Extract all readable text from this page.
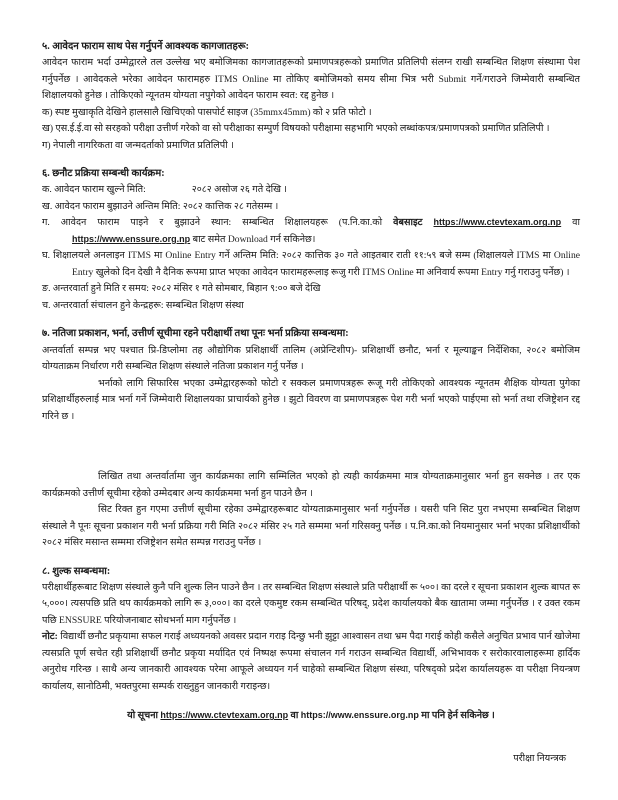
५. आवेदन फाराम साथ पेस गर्नुपर्ने आवश्यक कागजातहरू:

आवेदन फाराम भर्दा उम्मेद्वारले तल उल्लेख भए बमोजिमका कागजातहरूको प्रमाणपत्रहरूको प्रमाणित प्रतिलिपी संलग्न राखी सम्बन्धित शिक्षण संस्थामा पेश गर्नुपर्नेछ । आवेदकले भरेका आवेदन फारामहरु ITMS Online मा तोकिए बमोजिमको समय सीमा भित्र भरी Submit गर्ने/गराउने जिम्मेवारी सम्बन्धित शिक्षालयको हुनेछ । तोकिएको न्यूनतम योग्यता नपुगेको आवेदन फाराम स्वत: रद्द हुनेछ ।

क) स्पष्ट मुखाकृति देखिने हालसालै खिचिएको पासपोर्ट साइज (35mmx45mm) को २ प्रति फोटो ।

ख) एस.ई.ई.वा सो सरहको परीक्षा उत्तीर्ण गरेको वा सो परीक्षाका सम्पुर्ण विषयको परीक्षामा सहभागि भएको लब्धांकपत्र/प्रमाणपत्रको प्रमाणित प्रतिलिपी ।

ग) नेपाली नागरिकता वा जन्मदर्ताको प्रमाणित प्रतिलिपी ।

६. छनौट प्रक्रिया सम्बन्धी कार्यक्रम:

क. आवेदन फाराम खुल्ने मिति:	२०८२ असोज २६ गते देखि ।

ख. आवेदन फाराम बुझाउने अन्तिम मिति: २०८२ कात्तिक २८ गतेसम्म ।

ग. आवेदन फाराम पाइने र बुझाउने स्थान: सम्बन्धित शिक्षालयहरू (प.नि.का.को वेबसाइट https://www.ctevtexam.org.np वा https://www.enssure.org.np बाट समेत Download गर्न सकिनेछ।

घ. शिक्षालयले अनलाइन ITMS मा Online Entry गर्ने अन्तिम मिति: २०८२ कात्तिक ३० गते आइतबार राती ११:५९ बजे सम्म (शिक्षालयले ITMS मा Online Entry खुलेको दिन देखी नै दैनिक रूपमा प्राप्त भएका आवेदन फारामहरूलाइ रूजु गरी ITMS Online मा अनिवार्य रूपमा Entry गर्नु गराउनु पर्नेछ) ।

ङ. अन्तरवार्ता हुने मिति र समय: २०८२ मंसिर १ गते सोमबार, बिहान ९:०० बजे देखि

च. अन्तरवार्ता संचालन हुने केन्द्रहरू: सम्बन्धित शिक्षण संस्था

७. नतिजा प्रकाशन, भर्ना, उत्तीर्ण सूचीमा रहने परीक्षार्थी तथा पूनः भर्ना प्रक्रिया सम्बन्धमा:

अन्तर्वार्ता सम्पन्न भए पश्चात प्रि-डिप्लोमा तह औद्योगिक प्रशिक्षार्थी तालिम (अप्रेन्टिशीप)- प्रशिक्षार्थी छनौट, भर्ना र मूल्याङ्कन निर्देशिका, २०८२ बमोजिम योग्यताक्रम निर्धारण गरी सम्बन्धित शिक्षण संस्थाले नतिजा प्रकाशन गर्नु पर्नेछ ।

भर्नाको लागि सिफारिस भएका उम्मेद्वारहरूको फोटो र सक्कल प्रमाणपत्रहरू रूजू गरी तोकिएको आवश्यक न्यूनतम शैक्षिक योग्यता पुगेका प्रशिक्षार्थीहरुलाई मात्र भर्ना गर्ने जिम्मेवारी शिक्षालयका प्राचार्यको हुनेछ । झुटो विवरण वा प्रमाणपत्रहरू पेश गरी भर्ना भएको पाईएमा सो भर्ना तथा रजिष्ट्रेशन रद्द गरिने छ ।

लिखित तथा अन्तर्वार्तामा जुन कार्यक्रमका लागि सम्मिलित भएको हो त्यही कार्यक्रममा मात्र योग्यताक्रमानुसार भर्ना हुन सक्नेछ । तर एक कार्यक्रमको उत्तीर्ण सूचीमा रहेको उम्मेदबार अन्य कार्यक्रममा भर्ना हुन पाउने छैन ।

सिट रिक्त हुन गएमा उत्तीर्ण सूचीमा रहेका उम्मेद्वारहरूबाट योग्यताक्रमानुसार भर्ना गर्नुपर्नेछ । यसरी पनि सिट पुरा नभएमा सम्बन्धित शिक्षण संस्थाले नै पूनः सूचना प्रकाशन गरी भर्ना प्रक्रिया गरी मिति २०८२ मंसिर २५ गते सम्ममा भर्ना गरिसक्नु पर्नेछ । प.नि.का.को नियमानुसार भर्ना भएका प्रशिक्षार्थीको २०८२ मंसिर मसान्त सम्ममा रजिष्ट्रेशन समेत सम्पन्न गराउनु पर्नेछ ।

८. शुल्क सम्बन्धमा:

परीक्षार्थीहरूबाट शिक्षण संस्थाले कुनै पनि शुल्क लिन पाउने छैन । तर सम्बन्धित शिक्षण संस्थाले प्रति परीक्षार्थी रू ५००। का दरले र सूचना प्रकाशन शुल्क बापत रू ५,०००। त्यसपछि प्रति थप कार्यक्रमको लागि रू ३,०००। का दरले एकमुष्ट रकम सम्बन्धित परिषद्, प्रदेश कार्यालयको बैक खातामा जम्मा गर्नुपर्नेछ । र उक्त रकम पछि ENSSURE परियोजनाबाट सोधभर्ना माग गर्नुपर्नेछ ।

नोट: विद्यार्थी छनौट प्रकृयामा सफल गराई अध्ययनको अवसर प्रदान गराइ दिन्छु भनी झुट्टा आश्वासन तथा भ्रम पैदा गराई कोही कसैले अनुचित प्रभाव पार्न खोजेमा त्यसप्रति पूर्ण सचेत रही प्रशिक्षार्थी छनौट प्रकृया मर्यादित एवं निष्पक्ष रूपमा संचालन गर्न गराउन सम्बन्धित विद्यार्थी, अभिभावक र सरोकारवालाहरूमा हार्दिक अनुरोध गरिन्छ । साथै अन्य जानकारी आवश्यक परेमा आफूले अध्ययन गर्न चाहेको सम्बन्धित शिक्षण संस्था, परिषद्को प्रदेश कार्यालयहरू वा परीक्षा नियन्त्रण कार्यालय, सानोठिमी, भक्तपुरमा सम्पर्क राख्नुहुन जानकारी गराइन्छ।

यो सूचना https://www.ctevtexam.org.np वा https://www.enssure.org.np मा पनि हेर्न सकिनेछ ।

परीक्षा नियन्त्रक
